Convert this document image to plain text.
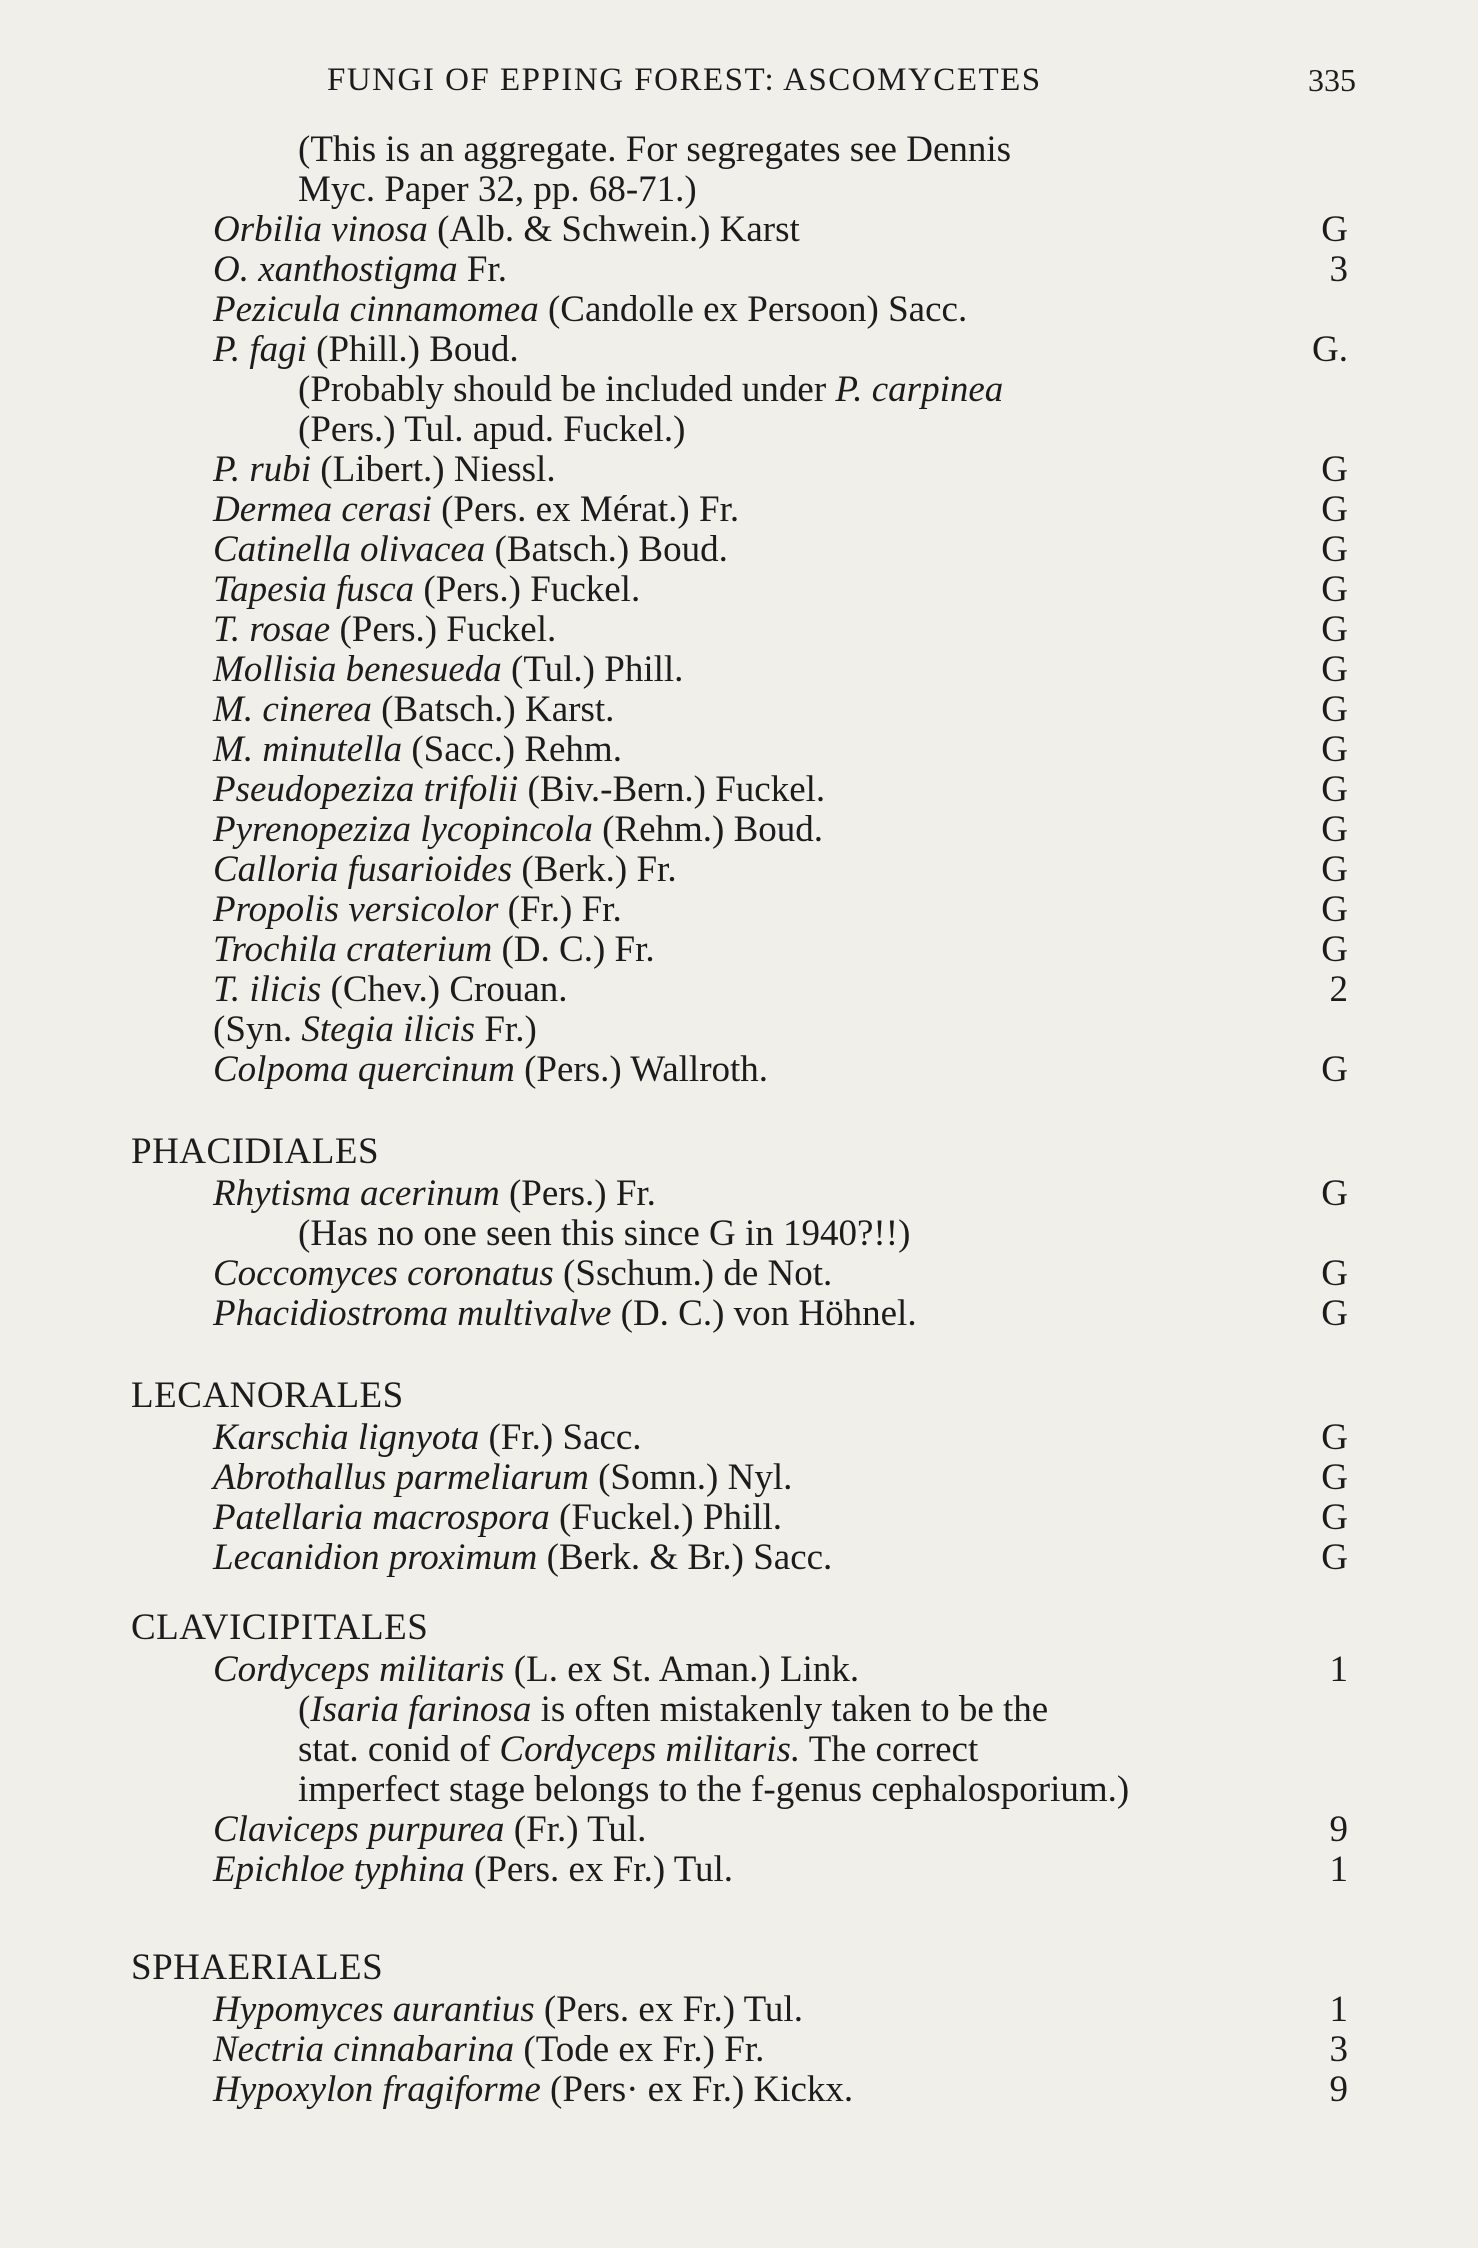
FUNGI OF EPPING FOREST: ASCOMYCETES	335
(This is an aggregate. For segregates see Dennis
Myc. Paper 32, pp. 68-71.)
Orbilia vinosa (Alb. & Schwein.) Karst	G
O. xanthostigma Fr.	3
Pezicula cinnamomea (Candolle ex Persoon) Sacc.
P. fagi (Phill.) Boud.	G.
(Probably should be included under P. carpinea
(Pers.) Tul. apud. Fuckel.)
P. rubi (Libert.) Niessl.	G
Dermea cerasi (Pers. ex Mérat.) Fr.	G
Catinella olivacea (Batsch.) Boud.	G
Tapesia fusca (Pers.) Fuckel.	G
T. rosae (Pers.) Fuckel.	G
Mollisia benesueda (Tul.) Phill.	G
M. cinerea (Batsch.) Karst.	G
M. minutella (Sacc.) Rehm.	G
Pseudopeziza trifolii (Biv.-Bern.) Fuckel.	G
Pyrenopeziza lycopincola (Rehm.) Boud.	G
Calloria fusarioides (Berk.) Fr.	G
Propolis versicolor (Fr.) Fr.	G
Trochila craterium (D. C.) Fr.	G
T. ilicis (Chev.) Crouan.	2
(Syn. Stegia ilicis Fr.)
Colpoma quercinum (Pers.) Wallroth.	G
PHACIDIALES
Rhytisma acerinum (Pers.) Fr.	G
(Has no one seen this since G in 1940?!!)
Coccomyces coronatus (Sschum.) de Not.	G
Phacidiostroma multivalve (D. C.) von Höhnel.	G
LECANORALES
Karschia lignyota (Fr.) Sacc.	G
Abrothallus parmeliarum (Somn.) Nyl.	G
Patellaria macrospora (Fuckel.) Phill.	G
Lecanidion proximum (Berk. & Br.) Sacc.	G
CLAVICIPITALES
Cordyceps militaris (L. ex St. Aman.) Link.	1
(Isaria farinosa is often mistakenly taken to be the
stat. conid of Cordyceps militaris. The correct
imperfect stage belongs to the f-genus cephalosporium.)
Claviceps purpurea (Fr.) Tul.	9
Epichloe typhina (Pers. ex Fr.) Tul.	1
SPHAERIALES
Hypomyces aurantius (Pers. ex Fr.) Tul.	1
Nectria cinnabarina (Tode ex Fr.) Fr.	3
Hypoxylon fragiforme (Pers· ex Fr.) Kickx.	9
